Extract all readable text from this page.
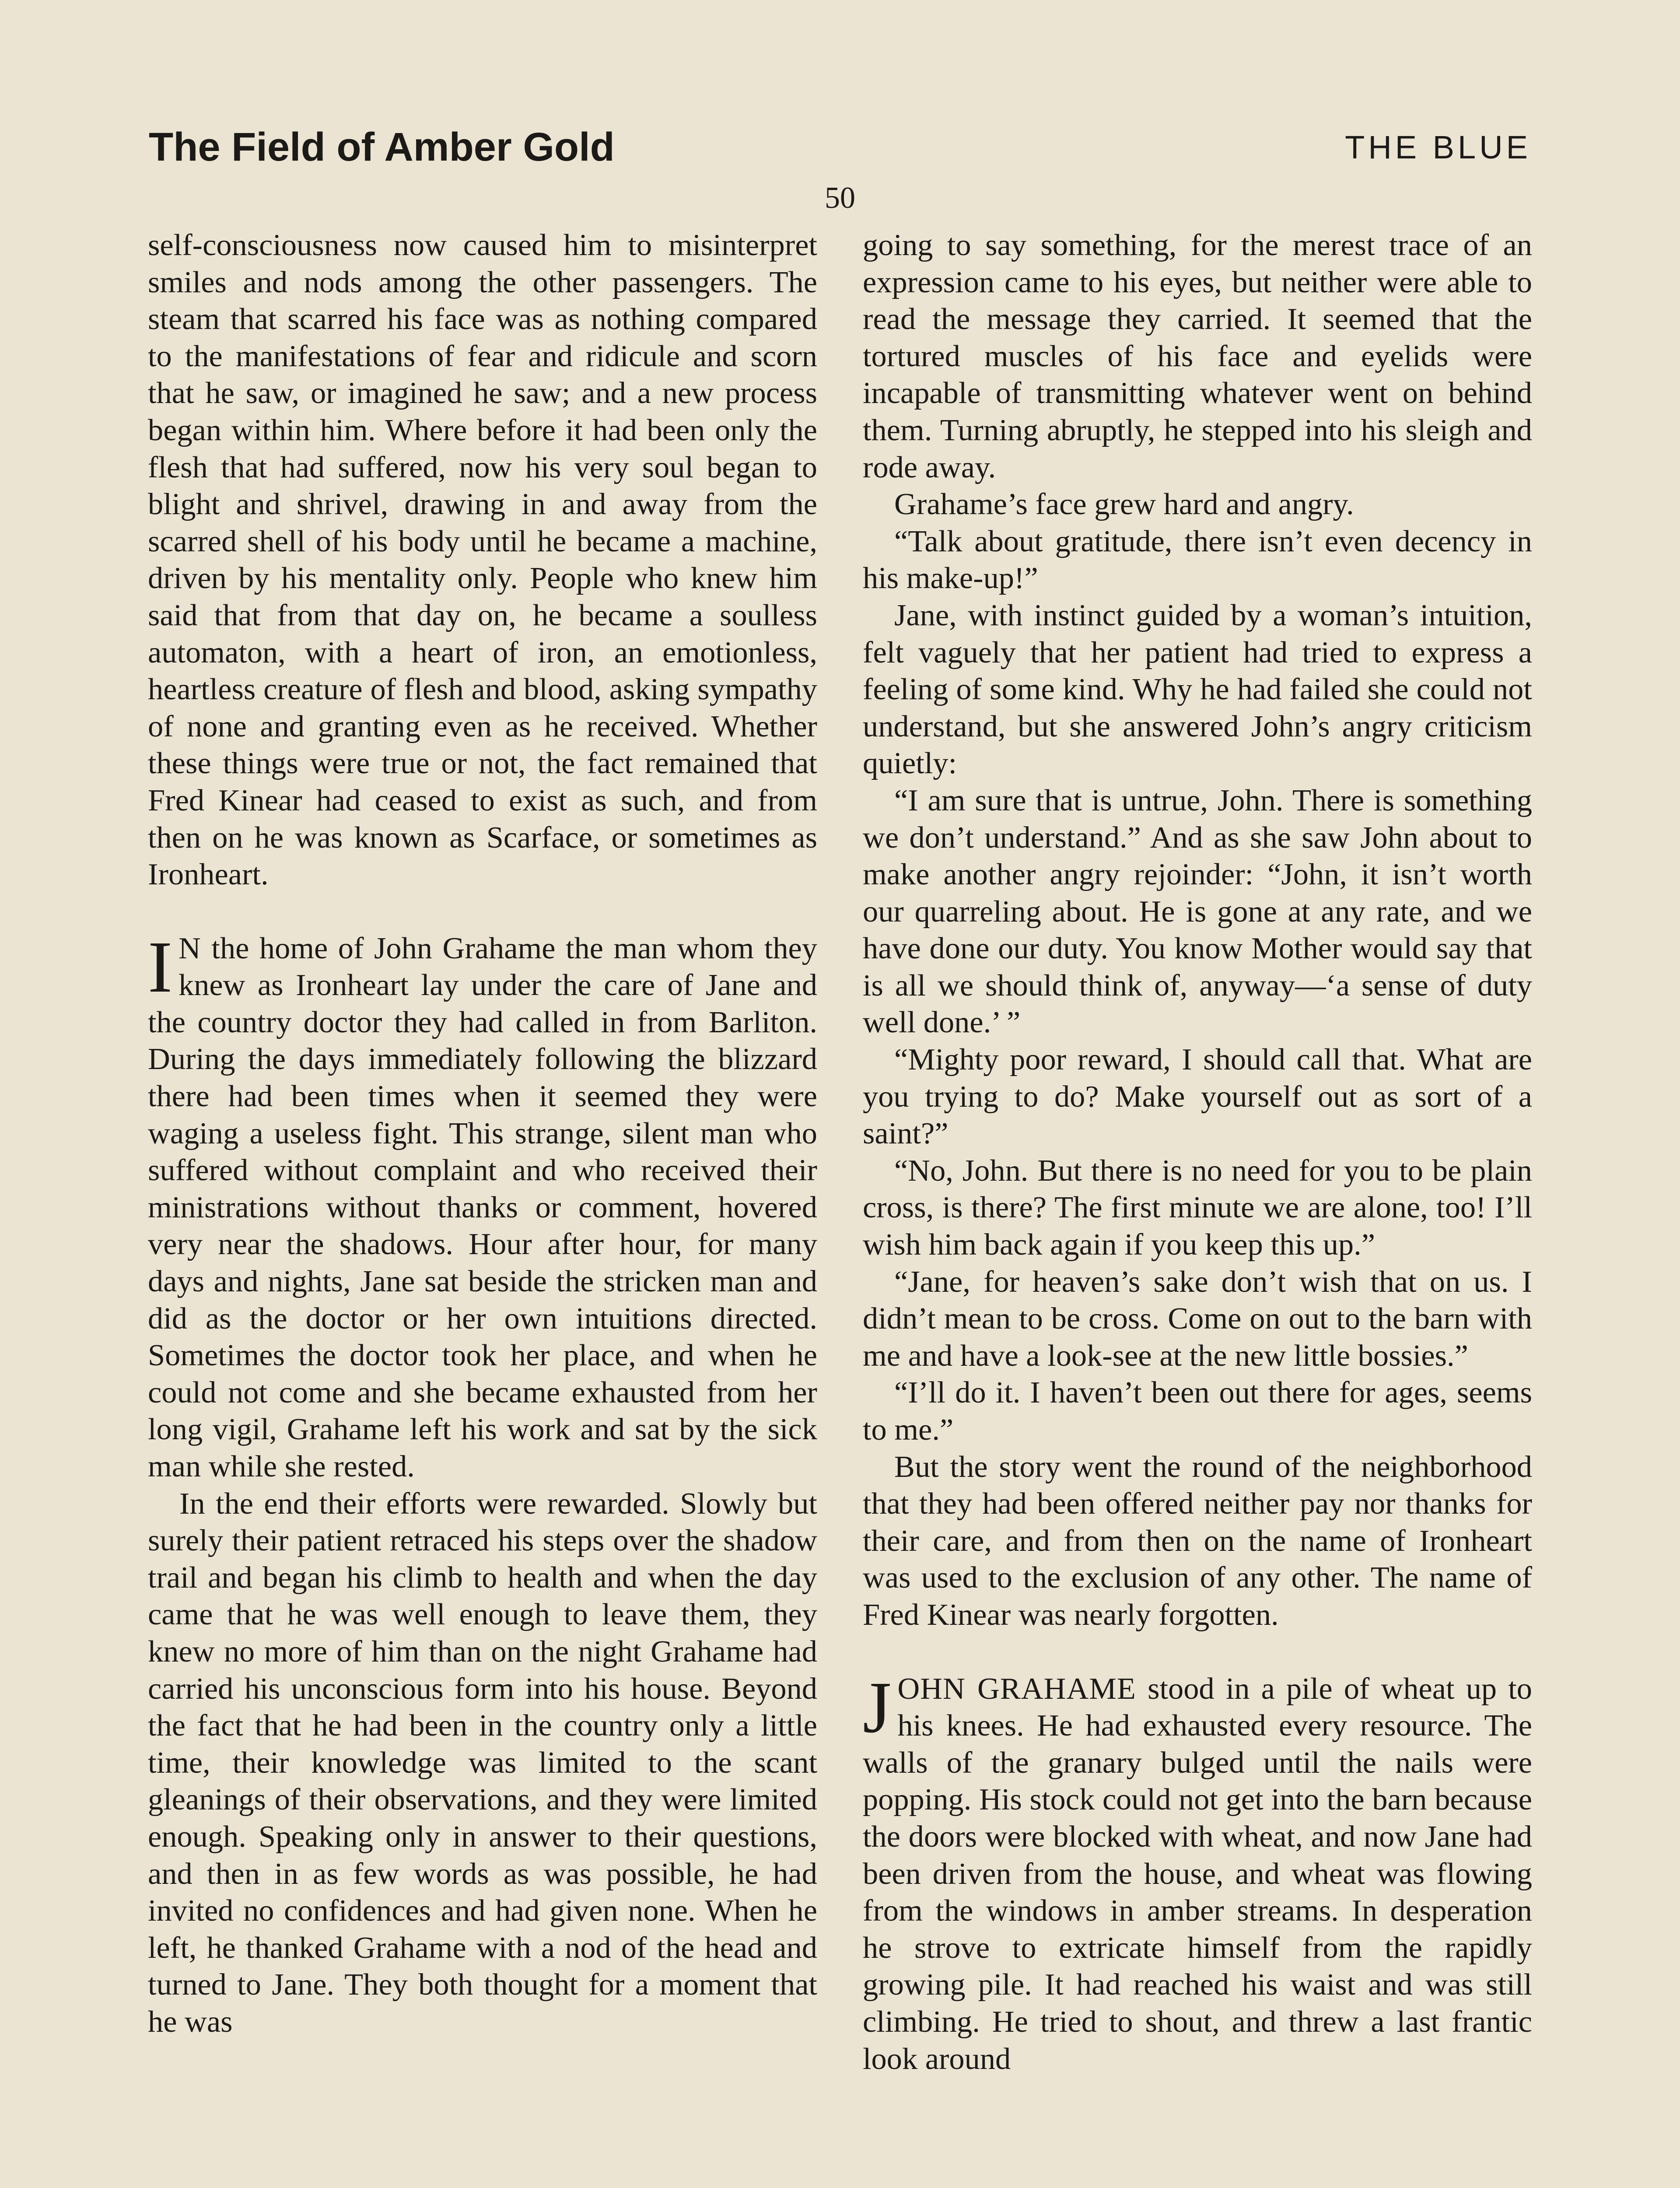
The Field of Amber Gold	THE BLUE
50

self-consciousness now caused him to misinterpret smiles and nods among the other passengers. The steam that scarred his face was as nothing compared to the manifestations of fear and ridicule and scorn that he saw, or imagined he saw; and a new process began within him. Where before it had been only the flesh that had suffered, now his very soul began to blight and shrivel, drawing in and away from the scarred shell of his body until he became a machine, driven by his mentality only. People who knew him said that from that day on, he became a soulless automaton, with a heart of iron, an emotionless, heartless creature of flesh and blood, asking sympathy of none and granting even as he received. Whether these things were true or not, the fact remained that Fred Kinear had ceased to exist as such, and from then on he was known as Scarface, or sometimes as Ironheart.

I N the home of John Grahame the man whom they knew as Ironheart lay under the care of Jane and the country doctor they had called in from Barliton. During the days immediately following the blizzard there had been times when it seemed they were waging a useless fight. This strange, silent man who suffered without complaint and who received their ministrations without thanks or comment, hovered very near the shadows. Hour after hour, for many days and nights, Jane sat beside the stricken man and did as the doctor or her own intuitions directed. Sometimes the doctor took her place, and when he could not come and she became exhausted from her long vigil, Grahame left his work and sat by the sick man while she rested.

In the end their efforts were rewarded. Slowly but surely their patient retraced his steps over the shadow trail and began his climb to health and when the day came that he was well enough to leave them, they knew no more of him than on the night Grahame had carried his unconscious form into his house. Beyond the fact that he had been in the country only a little time, their knowledge was limited to the scant gleanings of their observations, and they were limited enough. Speaking only in answer to their questions, and then in as few words as was possible, he had invited no confidences and had given none. When he left, he thanked Grahame with a nod of the head and turned to Jane. They both thought for a moment that he was

going to say something, for the merest trace of an expression came to his eyes, but neither were able to read the message they carried. It seemed that the tortured muscles of his face and eyelids were incapable of transmitting whatever went on behind them. Turning abruptly, he stepped into his sleigh and rode away.

Grahame’s face grew hard and angry.

“Talk about gratitude, there isn’t even decency in his make-up!”

Jane, with instinct guided by a woman’s intuition, felt vaguely that her patient had tried to express a feeling of some kind. Why he had failed she could not understand, but she answered John’s angry criticism quietly:

“I am sure that is untrue, John. There is something we don’t understand.” And as she saw John about to make another angry rejoinder: “John, it isn’t worth our quarreling about. He is gone at any rate, and we have done our duty. You know Mother would say that is all we should think of, anyway—‘a sense of duty well done.’ ”

“Mighty poor reward, I should call that. What are you trying to do? Make yourself out as sort of a saint?”

“No, John. But there is no need for you to be plain cross, is there? The first minute we are alone, too! I’ll wish him back again if you keep this up.”

“Jane, for heaven’s sake don’t wish that on us. I didn’t mean to be cross. Come on out to the barn with me and have a look-see at the new little bossies.”

“I’ll do it. I haven’t been out there for ages, seems to me.”

But the story went the round of the neighborhood that they had been offered neither pay nor thanks for their care, and from then on the name of Ironheart was used to the exclusion of any other. The name of Fred Kinear was nearly forgotten.

JOHN GRAHAME stood in a pile of wheat up to his knees. He had exhausted every resource. The walls of the granary bulged until the nails were popping. His stock could not get into the barn because the doors were blocked with wheat, and now Jane had been driven from the house, and wheat was flowing from the windows in amber streams. In desperation he strove to extricate himself from the rapidly growing pile. It had reached his waist and was still climbing. He tried to shout, and threw a last frantic look around
